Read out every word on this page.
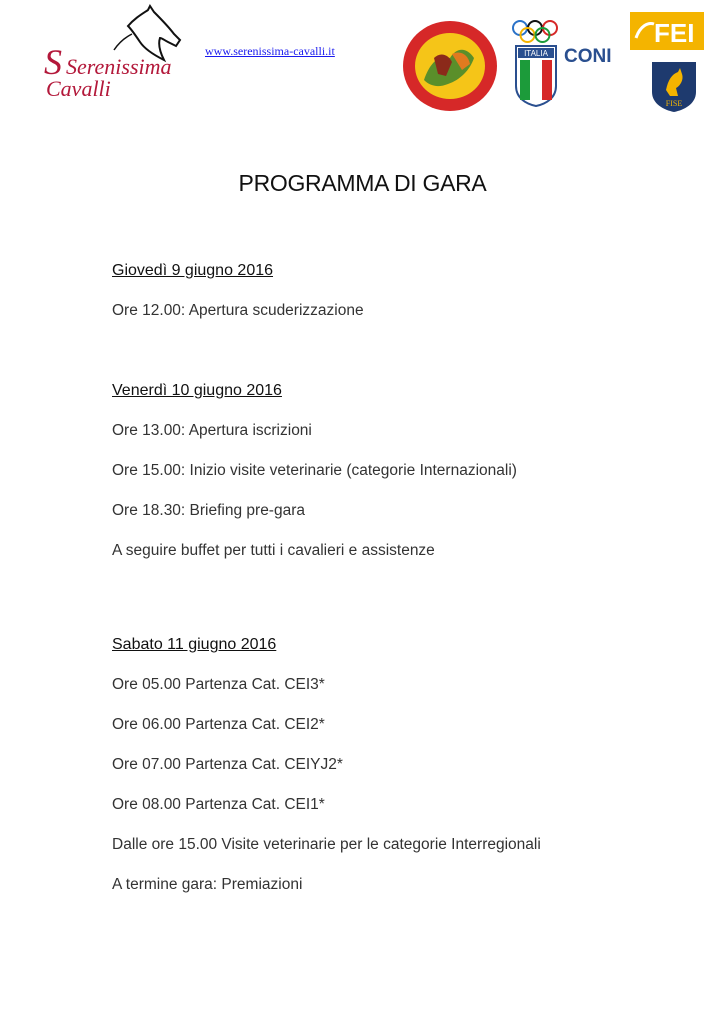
S Serenissima
Cavalli
www.serenissima-cavalli.it	ITALIA CONI
FEI
FISE
PROGRAMMA DI GARA

Giovedì 9 giugno 2016

Ore 12.00: Apertura scuderizzazione

Venerdì 10 giugno 2016

Ore 13.00: Apertura iscrizioni

Ore 15.00: Inizio visite veterinarie (categorie Internazionali)

Ore 18.30: Briefing pre-gara

A seguire buffet per tutti i cavalieri e assistenze

Sabato 11 giugno 2016

Ore 05.00 Partenza Cat. CEI3*

Ore 06.00 Partenza Cat. CEI2*

Ore 07.00 Partenza Cat. CEIYJ2*

Ore 08.00 Partenza Cat. CEI1*

Dalle ore 15.00 Visite veterinarie per le categorie Interregionali

A termine gara: Premiazioni
